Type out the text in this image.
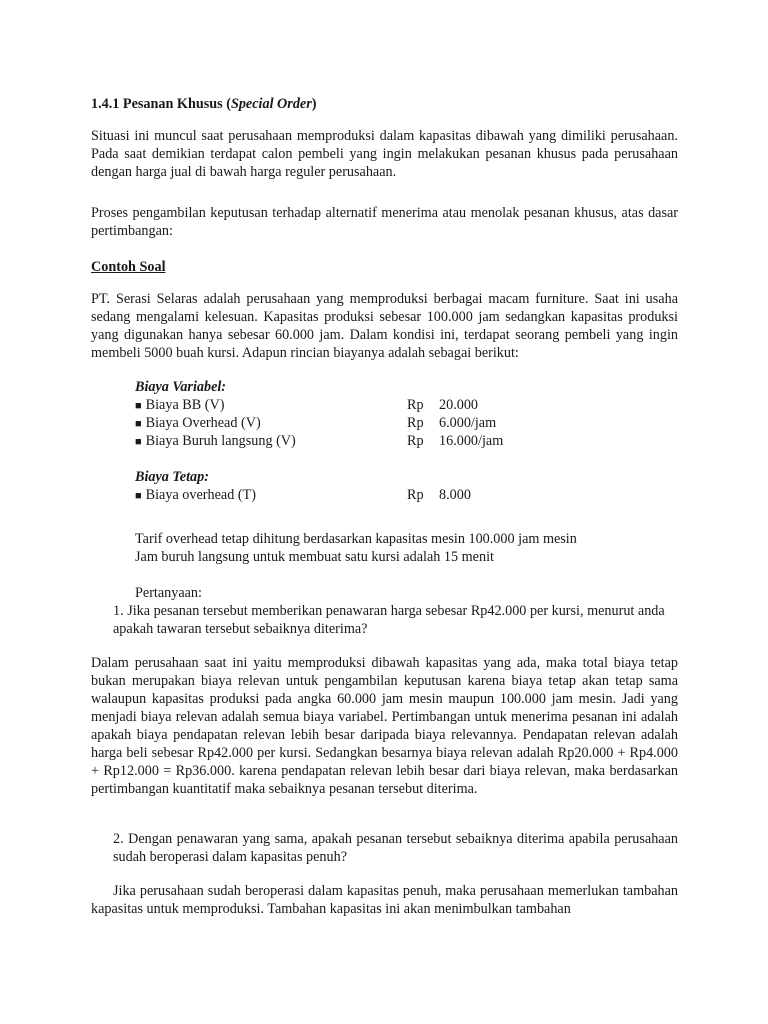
1.4.1 Pesanan Khusus (Special Order)

Situasi ini muncul saat perusahaan memproduksi dalam kapasitas dibawah yang dimiliki perusahaan. Pada saat demikian terdapat calon pembeli yang ingin melakukan pesanan khusus pada perusahaan dengan harga jual di bawah harga reguler perusahaan.

Proses pengambilan keputusan terhadap alternatif menerima atau menolak pesanan khusus, atas dasar pertimbangan:

Contoh Soal

PT. Serasi Selaras adalah perusahaan yang memproduksi berbagai macam furniture. Saat ini usaha sedang mengalami kelesuan. Kapasitas produksi sebesar 100.000 jam sedangkan kapasitas produksi yang digunakan hanya sebesar 60.000 jam. Dalam kondisi ini, terdapat seorang pembeli yang ingin membeli 5000 buah kursi. Adapun rincian biayanya adalah sebagai berikut:

Biaya Variabel:
■ Biaya BB (V)	Rp 20.000
■ Biaya Overhead (V)	Rp 6.000/jam
■ Biaya Buruh langsung (V)	Rp 16.000/jam
Biaya Tetap:
■ Biaya overhead (T)	Rp 8.000
Tarif overhead tetap dihitung berdasarkan kapasitas mesin 100.000 jam mesin
Jam buruh langsung untuk membuat satu kursi adalah 15 menit
Pertanyaan:

1. Jika pesanan tersebut memberikan penawaran harga sebesar Rp42.000 per kursi, menurut anda apakah tawaran tersebut sebaiknya diterima?

Dalam perusahaan saat ini yaitu memproduksi dibawah kapasitas yang ada, maka total biaya tetap bukan merupakan biaya relevan untuk pengambilan keputusan karena biaya tetap akan tetap sama walaupun kapasitas produksi pada angka 60.000 jam mesin maupun 100.000 jam mesin. Jadi yang menjadi biaya relevan adalah semua biaya variabel. Pertimbangan untuk menerima pesanan ini adalah apakah biaya pendapatan relevan lebih besar daripada biaya relevannya. Pendapatan relevan adalah harga beli sebesar Rp42.000 per kursi. Sedangkan besarnya biaya relevan adalah Rp20.000 + Rp4.000 + Rp12.000 = Rp36.000. karena pendapatan relevan lebih besar dari biaya relevan, maka berdasarkan pertimbangan kuantitatif maka sebaiknya pesanan tersebut diterima.

2. Dengan penawaran yang sama, apakah pesanan tersebut sebaiknya diterima apabila perusahaan sudah beroperasi dalam kapasitas penuh?

Jika perusahaan sudah beroperasi dalam kapasitas penuh, maka perusahaan memerlukan tambahan kapasitas untuk memproduksi. Tambahan kapasitas ini akan menimbulkan tambahan
